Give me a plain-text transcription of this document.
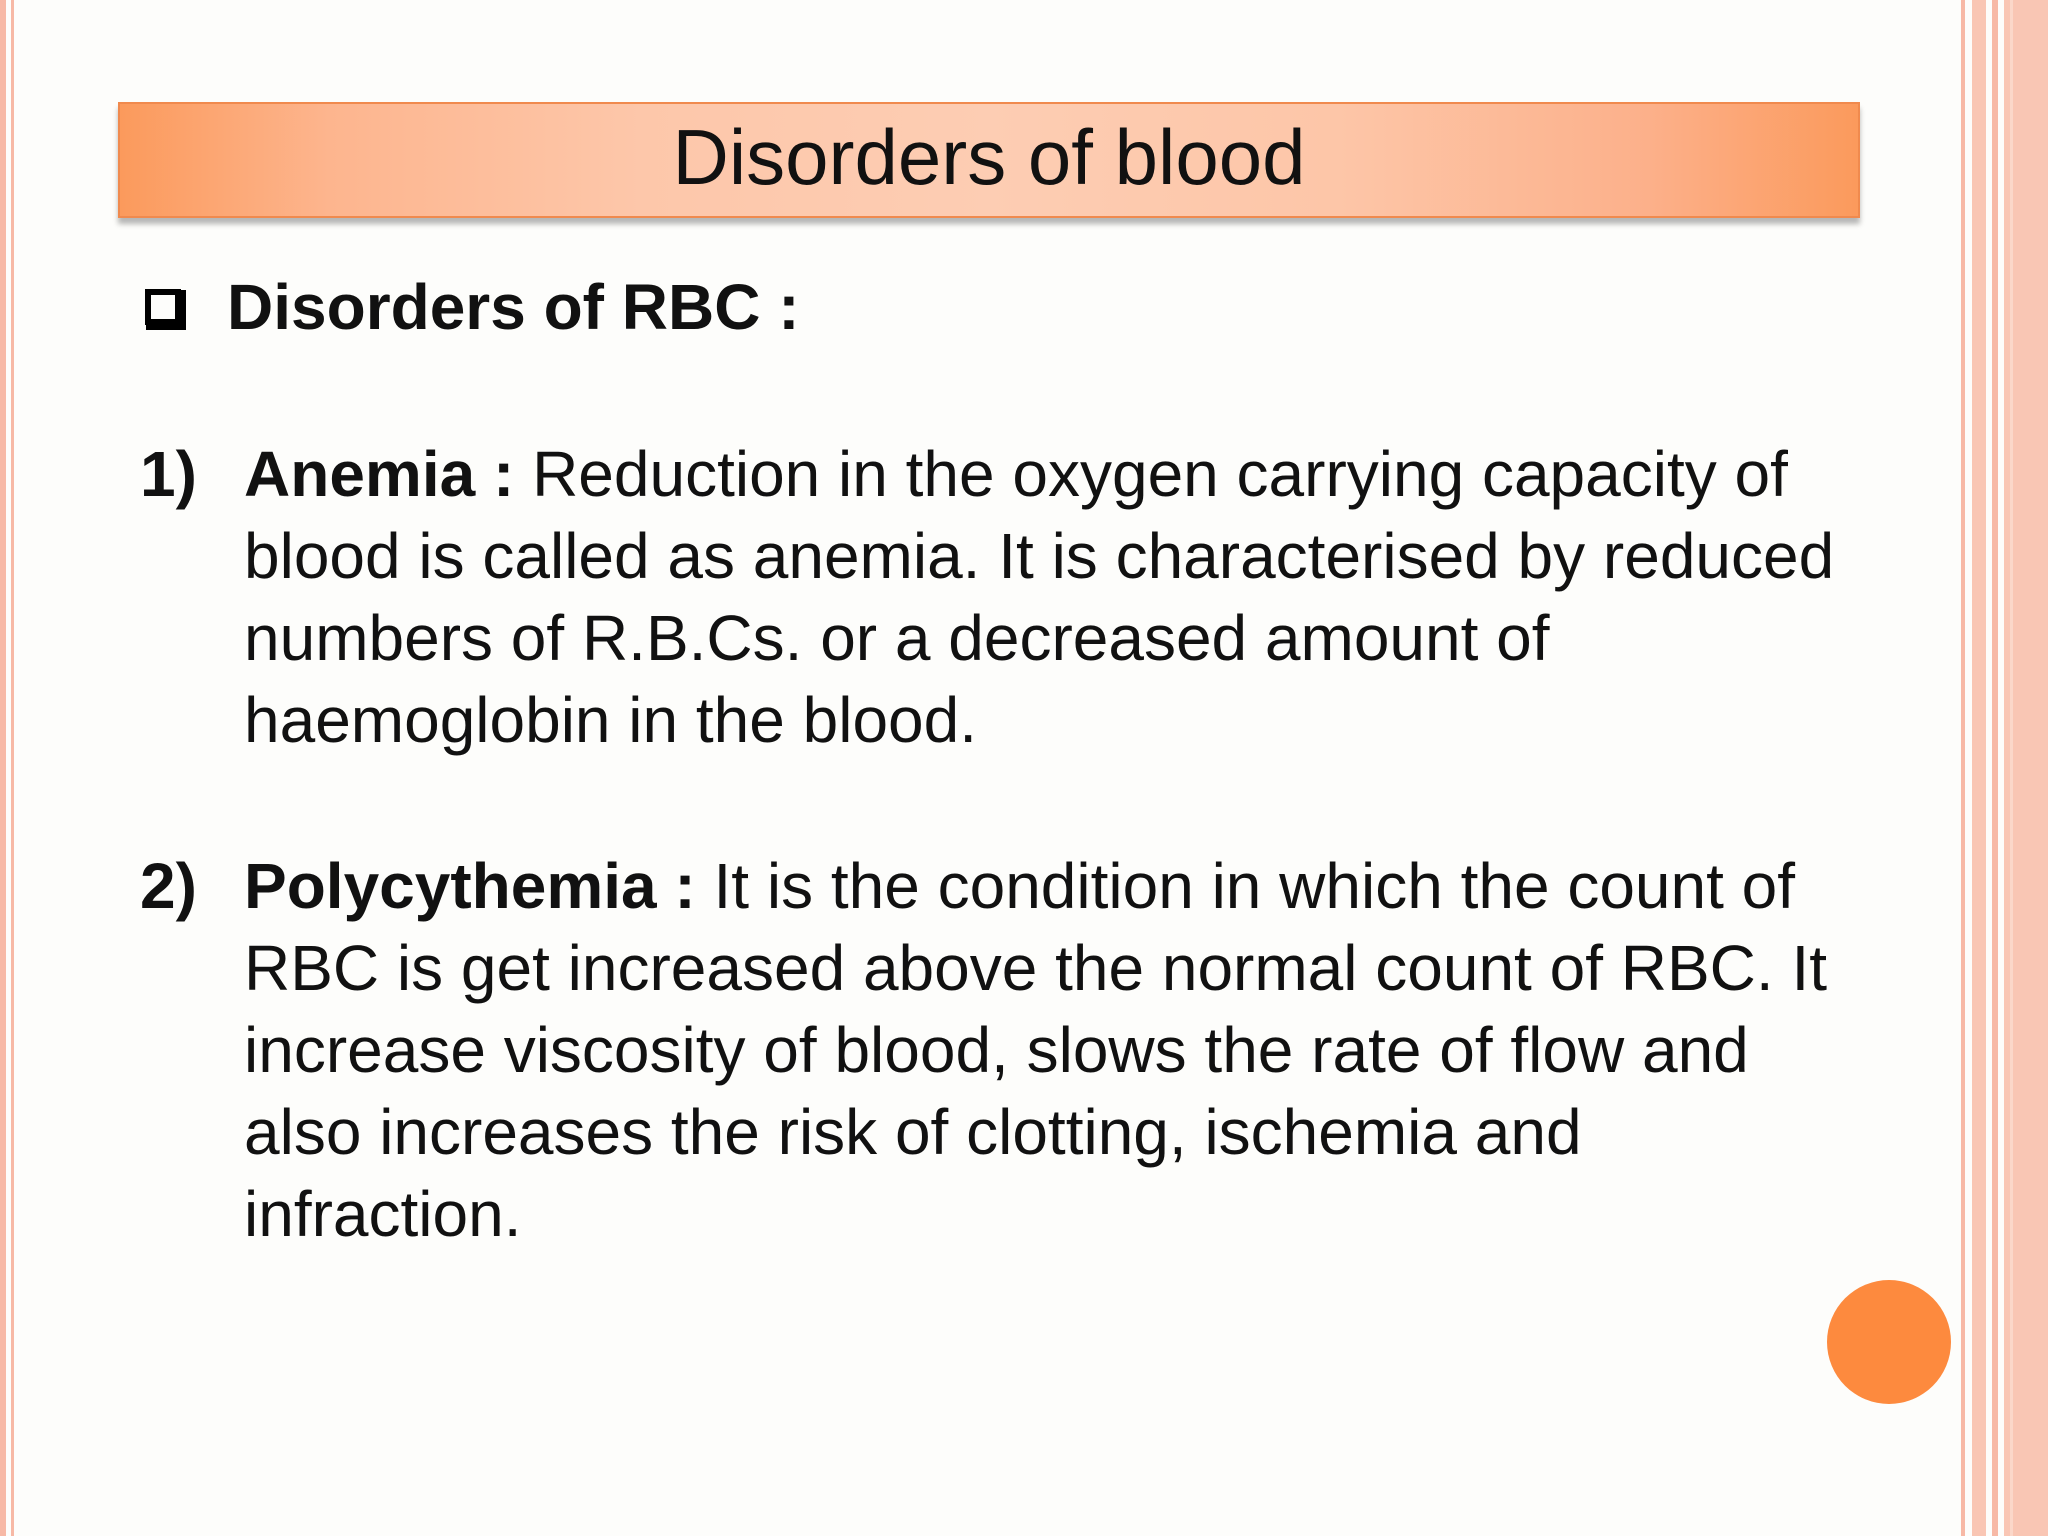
Disorders of blood
Disorders of RBC :
1) Anemia : Reduction in the oxygen carrying capacity of blood is called as anemia. It is characterised by reduced numbers of R.B.Cs. or a decreased amount of haemoglobin in the blood.
2) Polycythemia : It is the condition in which the count of RBC is get increased above the normal count of RBC. It increase viscosity of blood, slows the rate of flow and also increases the risk of clotting, ischemia and infraction.
